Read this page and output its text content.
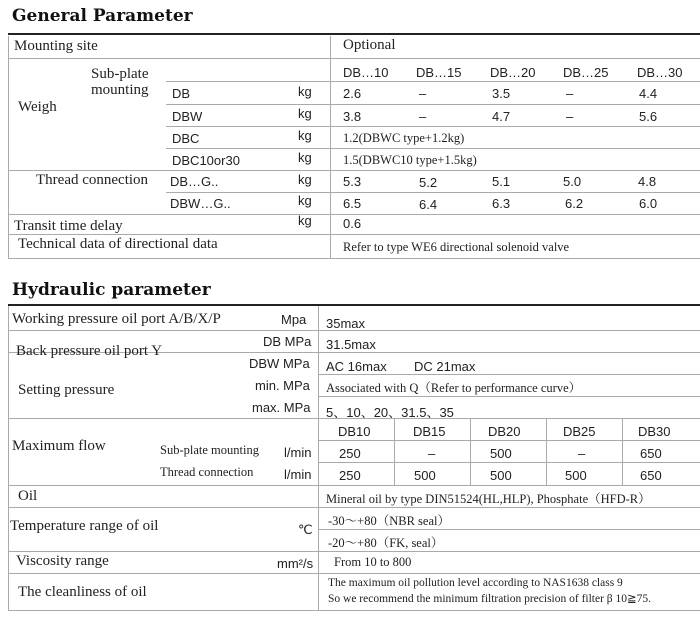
General Parameter
Mounting site	Optional
DB…10 DB…15 DB…20 DB…25 DB…30
Sub-plate
mounting
Weigh
DB	kg 2.6	–	3.5	–	4.4
DBW	kg 3.8	–	4.7	–	5.6
DBC	kg	1.2(DBWC type+1.2kg)
DBC10or30	kg	1.5(DBWC10 type+1.5kg)
Thread connection DB…G..	kg 5.3	5.2	5.1	5.0	4.8
DBW…G..	kg 6.5	6.4	6.3	6.2	6.0
Transit time delay	kg 0.6
Technical data of directional data	Refer to type WE6 directional solenoid valve
Hydraulic parameter
Working pressure oil port A/B/X/P	Mpa 35max
Back pressure oil port Y
DB MPa 31.5max
DBW MPa AC 16max DC 21max
Setting pressure	min. MPa Associated with Q（Refer to performance curve）
max. MPa 5、10、20、31.5、35
Maximum flow
DB10	DB15	DB20	DB25	DB30
Sub-plate mounting l/min 250	–	500	–	650
Thread connection l/min 250	500	500	500	650
Oil	Mineral oil by type DIN51524(HL,HLP), Phosphate（HFD-R）
Temperature range of oil	℃
-30～+80（NBR seal）
-20～+80（FK, seal）
Viscosity range	mm²/s From 10 to 800
The cleanliness of oil
The maximum oil pollution level according to NAS1638 class 9
So we recommend the minimum filtration precision of filter β 10≧75.
